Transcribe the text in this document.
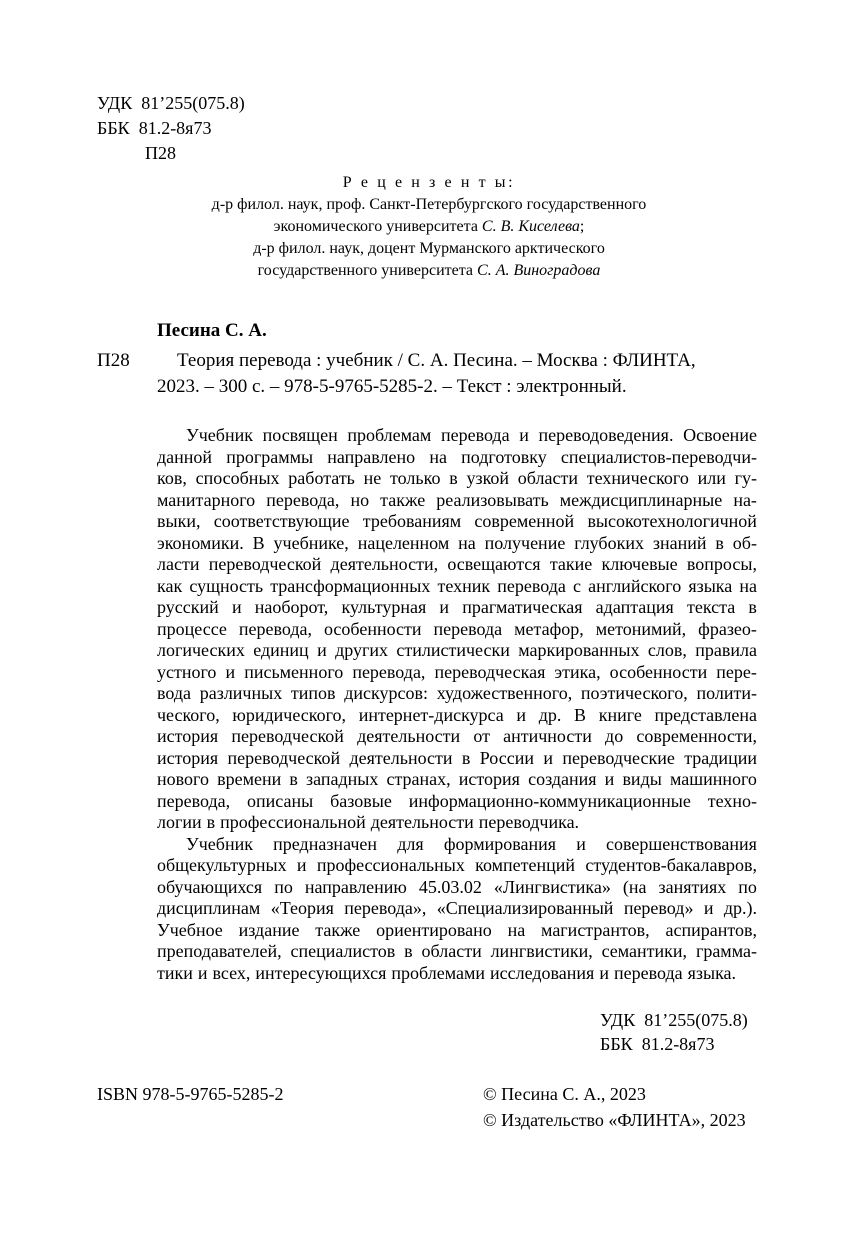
УДК 81’255(075.8)
ББК 81.2-8я73
П28
Р е ц е н з е н т ы:
д-р филол. наук, проф. Санкт-Петербургского государственного
экономического университета С. В. Киселева;
д-р филол. наук, доцент Мурманского арктического
государственного университета С. А. Виноградова
Песина С. А.
П28 Теория перевода : учебник / С. А. Песина. – Москва : ФЛИНТА,
2023. – 300 с. – 978-5-9765-5285-2. – Текст : электронный.
Учебник посвящен проблемам перевода и переводоведения. Освоение
данной программы направлено на подготовку специалистов-переводчи-
ков, способных работать не только в узкой области технического или гу-
манитарного перевода, но также реализовывать междисциплинарные на-
выки, соответствующие требованиям современной высокотехнологичной
экономики. В учебнике, нацеленном на получение глубоких знаний в об-
ласти переводческой деятельности, освещаются такие ключевые вопросы,
как сущность трансформационных техник перевода с английского языка на
русский и наоборот, культурная и прагматическая адаптация текста в
процессе перевода, особенности перевода метафор, метонимий, фразео-
логических единиц и других стилистически маркированных слов, правила
устного и письменного перевода, переводческая этика, особенности пере-
вода различных типов дискурсов: художественного, поэтического, полити-
ческого, юридического, интернет-дискурса и др. В книге представлена
история переводческой деятельности от античности до современности,
история переводческой деятельности в России и переводческие традиции
нового времени в западных странах, история создания и виды машинного
перевода, описаны базовые информационно-коммуникационные техно-
логии в профессиональной деятельности переводчика.
Учебник предназначен для формирования и совершенствования
общекультурных и профессиональных компетенций студентов-бакалавров,
обучающихся по направлению 45.03.02 «Лингвистика» (на занятиях по
дисциплинам «Теория перевода», «Специализированный перевод» и др.).
Учебное издание также ориентировано на магистрантов, аспирантов,
преподавателей, специалистов в области лингвистики, семантики, грамма-
тики и всех, интересующихся проблемами исследования и перевода языка.
УДК 81’255(075.8)
ББК 81.2-8я73
ISBN 978-5-9765-5285-2	© Песина С. А., 2023
© Издательство «ФЛИНТА», 2023
